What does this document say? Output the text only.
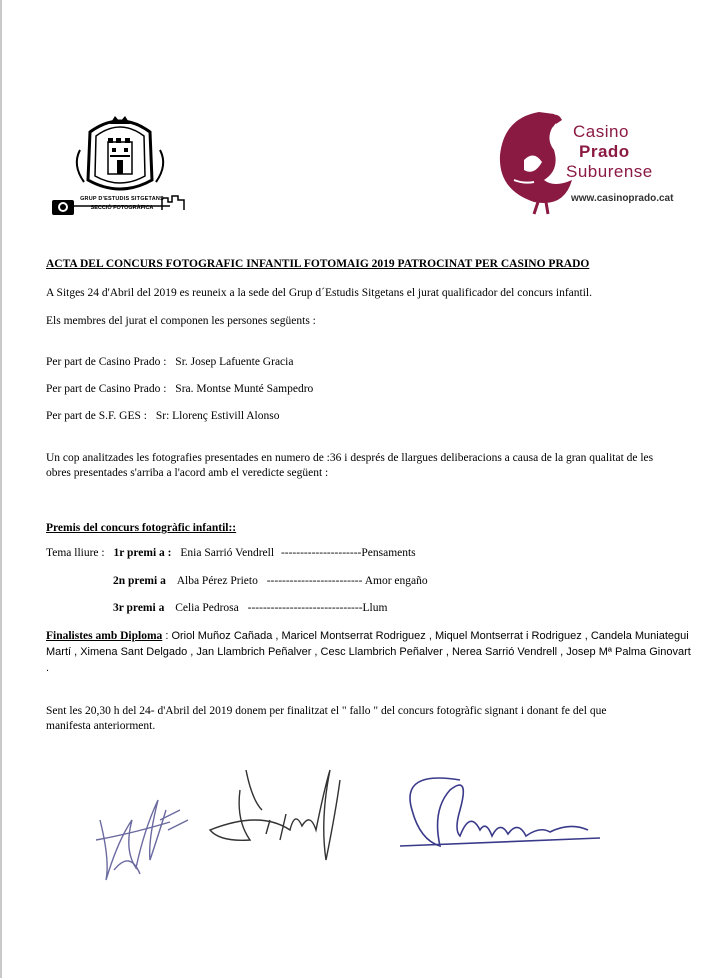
GRUP D'ESTUDIS SITGETANS
SECCIÓ FOTOGRÀFICA
Casino
Prado
Suburense
www.casinoprado.cat
ACTA DEL CONCURS FOTOGRAFIC INFANTIL FOTOMAIG 2019 PATROCINAT PER CASINO PRADO
A Sitges 24 d'Abril del 2019 es reuneix a la sede del Grup d´Estudis Sitgetans el jurat qualificador del concurs infantil.
Els membres del jurat el componen les persones següents :
Per part de Casino Prado : Sr. Josep Lafuente Gracia
Per part de Casino Prado : Sra. Montse Munté Sampedro
Per part de S.F. GES : Sr: Llorenç Estivill Alonso
Un cop analitzades les fotografies presentades en numero de :36 i després de llargues deliberacions a causa de la gran qualitat de les
obres presentades s'arriba a l'acord amb el veredicte següent :
Premis del concurs fotogràfic infantil::
Tema lliure : 1r premi a : Enia Sarrió Vendrell ---------------------Pensaments
2n premi a Alba Pérez Prieto ------------------------- Amor engaño
3r premi a Celia Pedrosa ------------------------------Llum
Finalistes amb Diploma : Oriol Muñoz Cañada , Maricel Montserrat Rodriguez , Miquel Montserrat i Rodriguez , Candela Muniategui Martí , Ximena Sant Delgado , Jan Llambrich Peñalver , Cesc Llambrich Peñalver , Nerea Sarrió Vendrell , Josep Mª Palma Ginovart .
Sent les 20,30 h del 24- d'Abril del 2019 donem per finalitzat el " fallo " del concurs fotogràfic signant i donant fe del que
manifesta anteriorment.
